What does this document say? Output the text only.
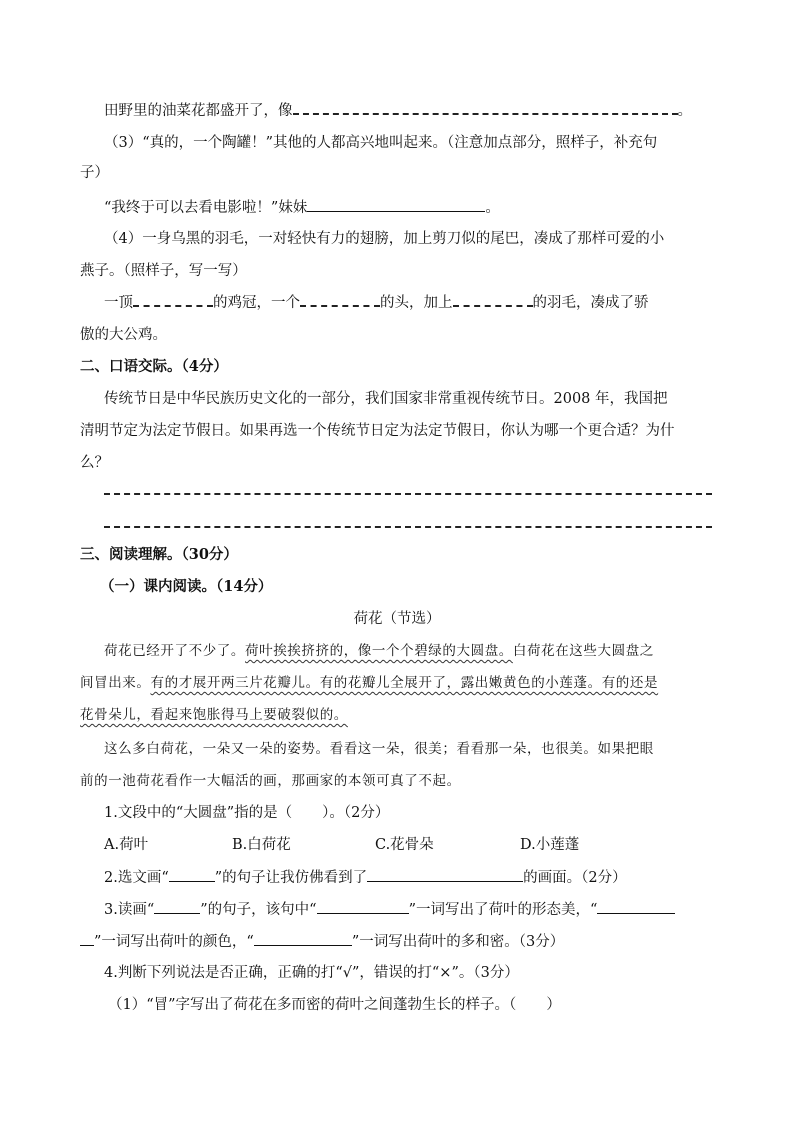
田野里的油菜花都盛开了，像	。
（3）“真的，一个陶罐！”其他的人都高兴地叫起来。（注意加点部分，照样子，补充句
子）
“我终于可以去看电影啦！”妹妹	。
（4）一身乌黑的羽毛，一对轻快有力的翅膀，加上剪刀似的尾巴，凑成了那样可爱的小
燕子。（照样子，写一写）
一顶	的鸡冠，一个	的头，加上	的羽毛，凑成了骄
傲的大公鸡。
二、口语交际。（4分）
传统节日是中华民族历史文化的一部分，我们国家非常重视传统节日。2008 年，我国把
清明节定为法定节假日。如果再选一个传统节日定为法定节假日，你认为哪一个更合适？为什
么？
三、阅读理解。（30分）
（一）课内阅读。（14分）
荷花（节选）
荷花已经开了不少了。荷叶挨挨挤挤的，像一个个碧绿的大圆盘。白荷花在这些大圆盘之
间冒出来。有的才展开两三片花瓣儿。有的花瓣儿全展开了，露出嫩黄色的小莲蓬。有的还是
花骨朵儿，看起来饱胀得马上要破裂似的。
这么多白荷花，一朵又一朵的姿势。看看这一朵，很美；看看那一朵，也很美。如果把眼
前的一池荷花看作一大幅活的画，那画家的本领可真了不起。
1.文段中的“大圆盘”指的是（ ）。（2分）
A.荷叶	B.白荷花	C.花骨朵	D.小莲蓬
2.选文画“	”的句子让我仿佛看到了	的画面。（2分）
3.读画“	”的句子，该句中“	”一词写出了荷叶的形态美，“
”一词写出荷叶的颜色，“	”一词写出荷叶的多和密。（3分）
4.判断下列说法是否正确，正确的打“√”，错误的打“×”。（3分）
（1）“冒”字写出了荷花在多而密的荷叶之间蓬勃生长的样子。（ ）
